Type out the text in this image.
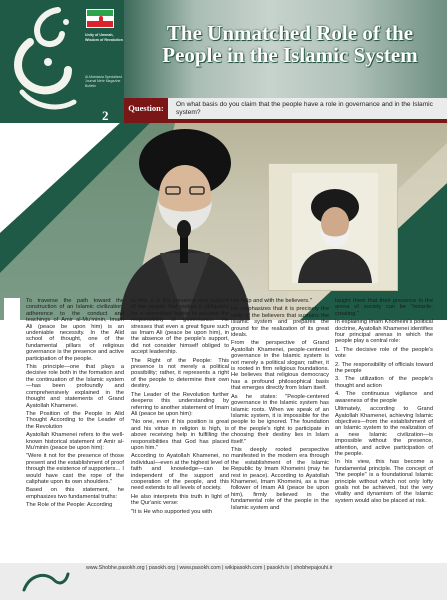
Unity of Ummah, Wisdom of Revolution
Al-Mahdavia Specialized Journal Mehr Magazine Bulletin
2
The Unmatched Role of the People in the Islamic System
Question:	On what basis do you claim that the people have a role in governance and in the Islamic system?

To traverse the path toward the construction of an Islamic civilization, adherence to the conduct and teachings of Amir al-Mu'minin, Imam Ali (peace be upon him) is an undeniable necessity. In the Alid school of thought, one of the fundamental pillars of religious governance is the presence and active participation of the people.

This principle—one that plays a decisive role both in the formation and the continuation of the Islamic system—has been profoundly and comprehensively explained in the thought and statements of Grand Ayatollah Khamenei.

The Position of the People in Alid Thought According to the Leader of the Revolution

Ayatollah Khamenei refers to the well-known historical statement of Amir al-Mu'minin (peace be upon him):

"Were it not for the presence of those present and the establishment of proof through the existence of supporters… I would have cast the rope of the caliphate upon its own shoulders."

Based on this statement, he emphasizes two fundamental truths:

The Role of the People: According

to him, it is the presence and support of the people that makes it obligatory for a committed leader to assume the responsibility of governance. He stresses that even a great figure such as Imam Ali (peace be upon him), in the absence of the people's support, did not consider himself obliged to accept leadership.

The Right of the People: This presence is not merely a political possibility; rather, it represents a right of the people to determine their own destiny.

The Leader of the Revolution further deepens this understanding by referring to another statement of Imam Ali (peace be upon him):

"No one, even if his position is great and his virtue in religion is high, is above receiving help in fulfilling the responsibilities that God has placed upon him."

According to Ayatollah Khamenei, no individual—even at the highest level of faith and knowledge—can be independent of the support and cooperation of the people, and this need extends to all levels of society.

He also interprets this truth in light of the Qur'anic verse:

"It is He who supported you with

His help and with the believers."

He emphasizes that it is precisely the unity of the believers that sustains the Islamic system and prepares the ground for the realization of its great ideals.

From the perspective of Grand Ayatollah Khamenei, people-centered governance in the Islamic system is not merely a political slogan; rather, it is rooted in firm religious foundations. He believes that religious democracy has a profound philosophical basis that emerges directly from Islam itself.

As he states: "People-centered governance in the Islamic system has Islamic roots. When we speak of an Islamic system, it is impossible for the people to be ignored. The foundation of the people's right to participate in choosing their destiny lies in Islam itself."

This deeply rooted perspective manifested in the modern era through the establishment of the Islamic Republic by Imam Khomeini (may he rest in peace). According to Ayatollah Khamenei, Imam Khomeini, as a true follower of Imam Ali (peace be upon him), firmly believed in the fundamental role of the people in the Islamic system and

taught them that their presence in the arena of society can be "miracle-creating."

In explaining Imam Khomeini's political doctrine, Ayatollah Khamenei identifies four principal arenas in which the people play a central role:

1. The decisive role of the people's vote

2. The responsibility of officials toward the people

3. The utilization of the people's thought and action

4. The continuous vigilance and awareness of the people

Ultimately, according to Grand Ayatollah Khamenei, achieving Islamic objectives—from the establishment of an Islamic system to the realization of a new Islamic civilization—is impossible without the presence, attention, and active participation of the people.

In his view, this has become a fundamental principle. The concept of "the people" is a foundational Islamic principle without which not only lofty goals not be achieved, but the very vitality and dynamism of the Islamic system would also be placed at risk.

www.Shobhe.pasokh.org | pasokh.org | www.pasokh.com | wikipasokh.com | pasokh.tv | shobhepajouhi.ir
